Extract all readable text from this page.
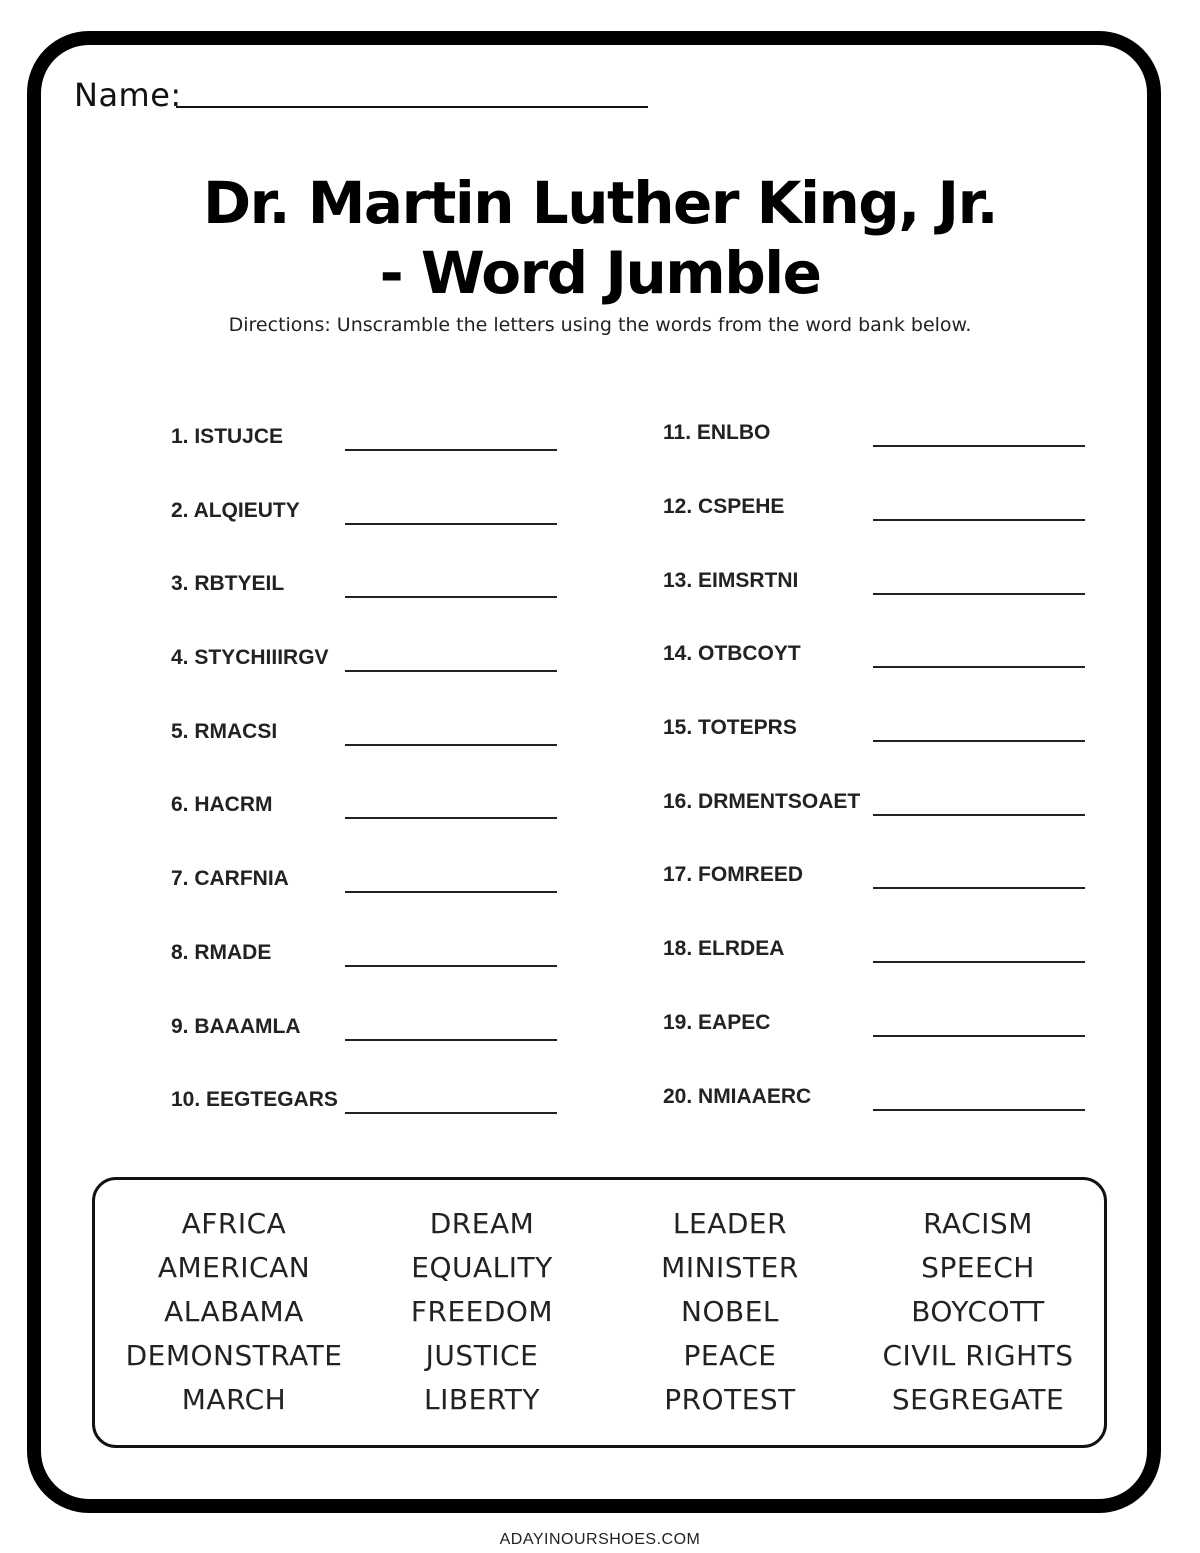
Name:
Dr. Martin Luther King, Jr.
- Word Jumble
Directions: Unscramble the letters using the words from the word bank below.
1. ISTUJCE
2. ALQIEUTY
3. RBTYEIL
4. STYCHIIIRGV
5. RMACSI
6. HACRM
7. CARFNIA
8. RMADE
9. BAAAMLA
10. EEGTEGARS
11. ENLBO
12. CSPEHE
13. EIMSRTNI
14. OTBCOYT
15. TOTEPRS
16. DRMENTSOAET
17. FOMREED
18. ELRDEA
19. EAPEC
20. NMIAAERC
AFRICA
AMERICAN
ALABAMA
DEMONSTRATE
MARCH
DREAM
EQUALITY
FREEDOM
JUSTICE
LIBERTY
LEADER
MINISTER
NOBEL
PEACE
PROTEST
RACISM
SPEECH
BOYCOTT
CIVIL RIGHTS
SEGREGATE
ADAYINOURSHOES.COM
